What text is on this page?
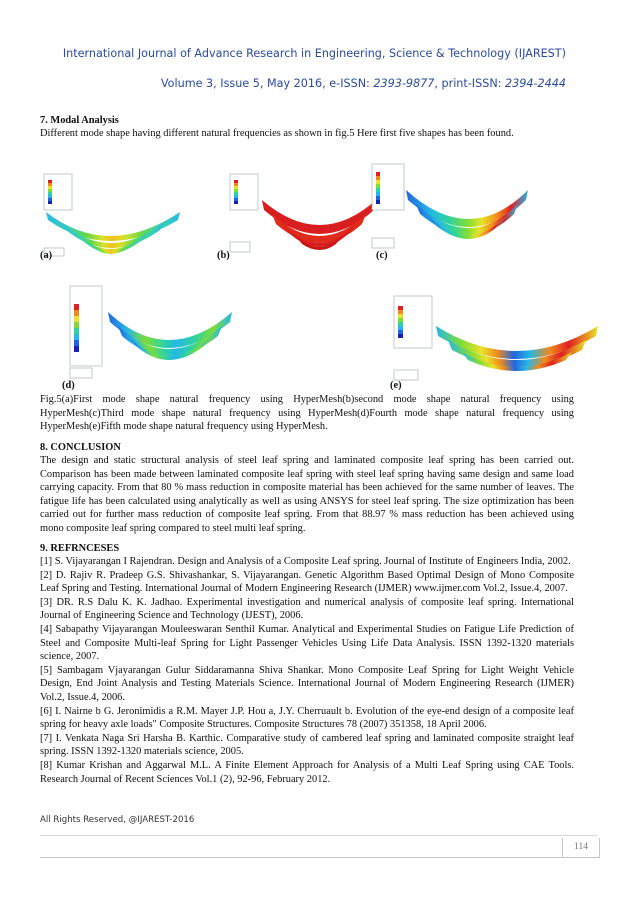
International Journal of Advance Research in Engineering, Science & Technology (IJAREST)
Volume 3, Issue 5, May 2016, e-ISSN: 2393-9877, print-ISSN: 2394-2444
7. Modal Analysis
Different mode shape having different natural frequencies as shown in fig.5 Here first five shapes has been found.
(a)	(b)	(c)
(d)	(e)
Fig.5(a)First mode shape natural frequency using HyperMesh(b)second mode shape natural frequency using HyperMesh(c)Third mode shape natural frequency using HyperMesh(d)Fourth mode shape natural frequency using HyperMesh(e)Fifth mode shape natural frequency using HyperMesh.
8. CONCLUSION
The design and static structural analysis of steel leaf spring and laminated composite leaf spring has been carried out. Comparison has been made between laminated composite leaf spring with steel leaf spring having same design and same load carrying capacity. From that 80 % mass reduction in composite material has been achieved for the same number of leaves. The fatigue life has been calculated using analytically as well as using ANSYS for steel leaf spring. The size optimization has been carried out for further mass reduction of composite leaf spring. From that 88.97 % mass reduction has been achieved using mono composite leaf spring compared to steel multi leaf spring.
9. REFRNCESES

[1] S. Vijayarangan I Rajendran. Design and Analysis of a Composite Leaf spring. Journal of Institute of Engineers India, 2002.

[2] D. Rajiv R. Pradeep G.S. Shivashankar, S. Vijayarangan. Genetic Algorithm Based Optimal Design of Mono Composite Leaf Spring and Testing. International Journal of Modern Engineering Research (IJMER) www.ijmer.com Vol.2, Issue.4, 2007.

[3] DR. R.S Dalu K. K. Jadhao. Experimental investigation and numerical analysis of composite leaf spring. International Journal of Engineering Science and Technology (IJEST), 2006.

[4] Sabapathy Vijayarangan Mouleeswaran Senthil Kumar. Analytical and Experimental Studies on Fatigue Life Prediction of Steel and Composite Multi-leaf Spring for Light Passenger Vehicles Using Life Data Analysis. ISSN 1392-1320 materials science, 2007.

[5] Sambagam Vjayarangan Gulur Siddaramanna Shiva Shankar. Mono Composite Leaf Spring for Light Weight Vehicle Design, End Joint Analysis and Testing Materials Science. International Journal of Modern Engineering Research (IJMER) Vol.2, Issue.4, 2006.

[6] I. Nairne b G. Jeronimidis a R.M. Mayer J.P. Hou a, J.Y. Cherruault b. Evolution of the eye-end design of a composite leaf spring for heavy axle loads" Composite Structures. Composite Structures 78 (2007) 351358, 18 April 2006.

[7] I. Venkata Naga Sri Harsha B. Karthic. Comparative study of cambered leaf spring and laminated composite straight leaf spring. ISSN 1392-1320 materials science, 2005.

[8] Kumar Krishan and Aggarwal M.L. A Finite Element Approach for Analysis of a Multi Leaf Spring using CAE Tools. Research Journal of Recent Sciences Vol.1 (2), 92-96, February 2012.

All Rights Reserved, @IJAREST-2016
114
